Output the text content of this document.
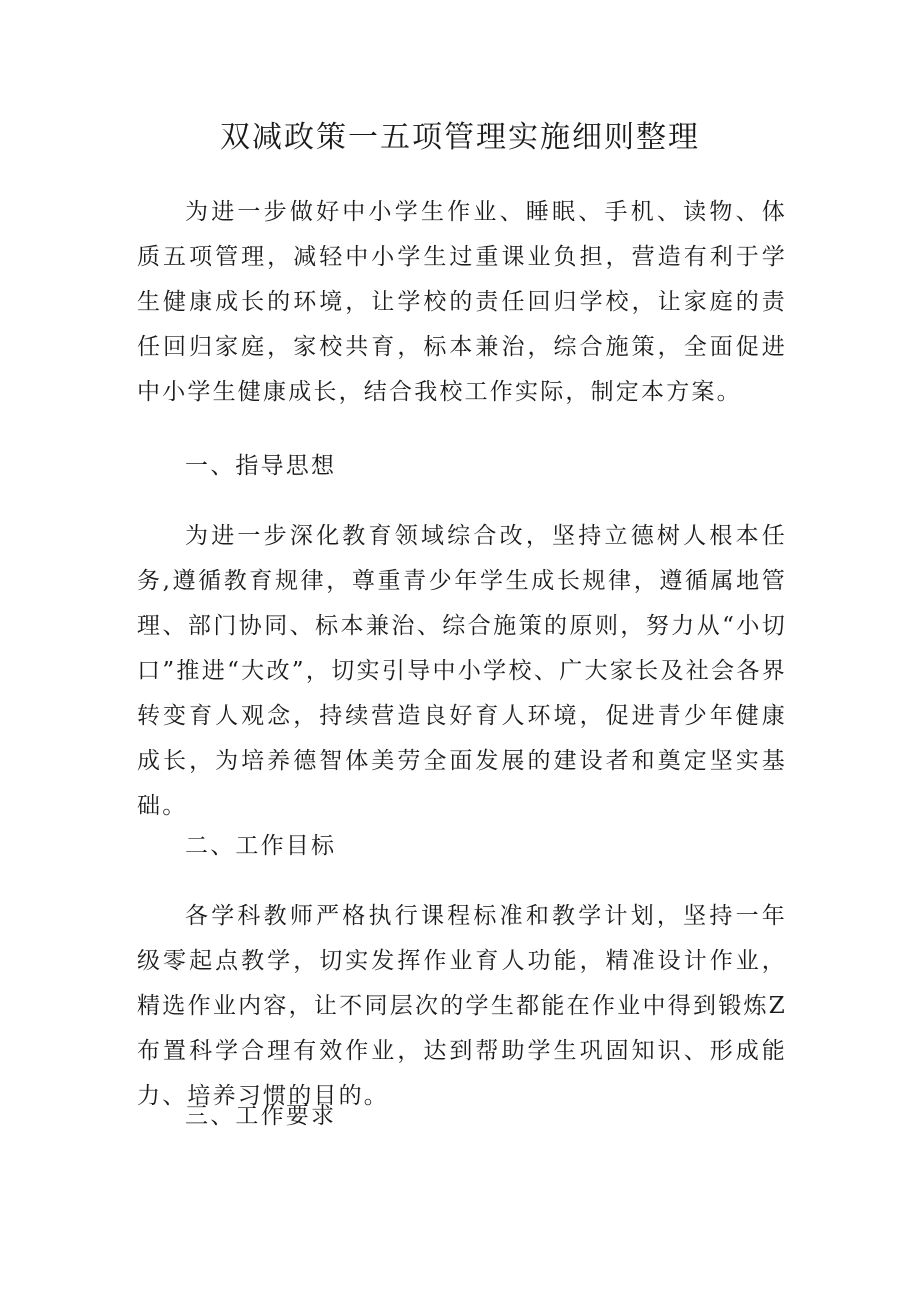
双减政策一五项管理实施细则整理

为进一步做好中小学生作业、睡眠、手机、读物、体质五项管理，减轻中小学生过重课业负担，营造有利于学生健康成长的环境，让学校的责任回归学校，让家庭的责任回归家庭，家校共育，标本兼治，综合施策，全面促进中小学生健康成长，结合我校工作实际，制定本方案。

一、指导思想

为进一步深化教育领域综合改，坚持立德树人根本任务,遵循教育规律，尊重青少年学生成长规律，遵循属地管理、部门协同、标本兼治、综合施策的原则，努力从“小切口”推进“大改”，切实引导中小学校、广大家长及社会各界转变育人观念，持续营造良好育人环境，促进青少年健康成长，为培养德智体美劳全面发展的建设者和奠定坚实基础。

二、工作目标

各学科教师严格执行课程标准和教学计划，坚持一年级零起点教学，切实发挥作业育人功能，精准设计作业，精选作业内容，让不同层次的学生都能在作业中得到锻炼Z布置科学合理有效作业，达到帮助学生巩固知识、形成能力、培养习惯的目的。

三、工作要求
